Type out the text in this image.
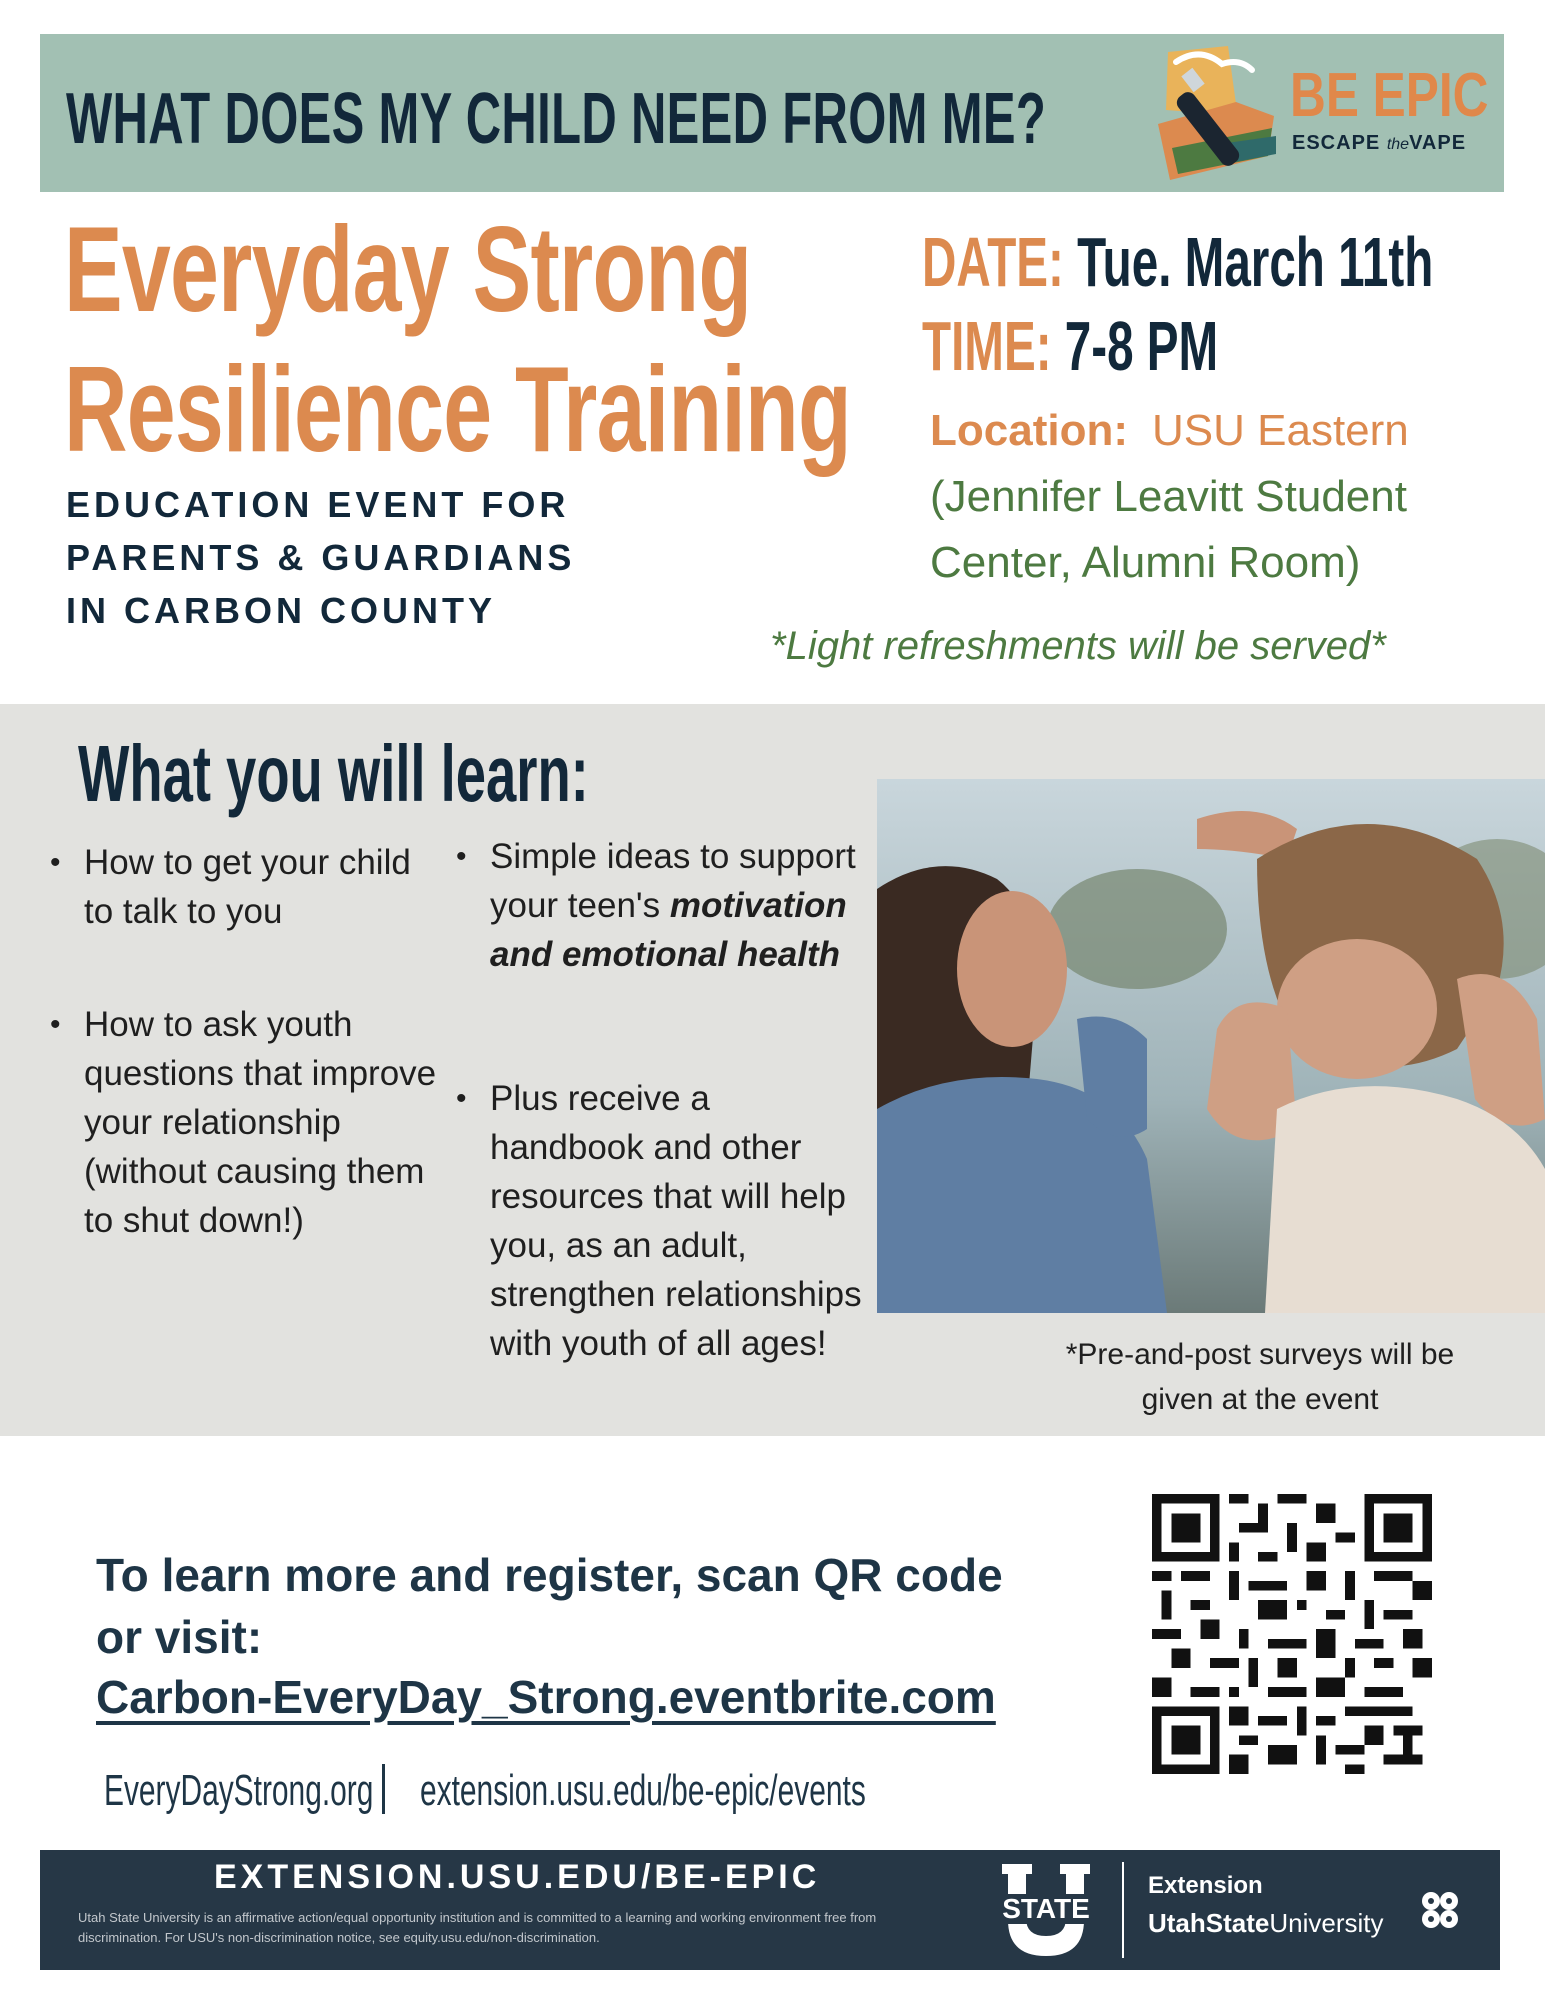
WHAT DOES MY CHILD NEED FROM ME?	BE EPIC
ESCAPE theVAPE
Everyday Strong
Resilience Training
EDUCATION EVENT FOR
PARENTS & GUARDIANS
IN CARBON COUNTY
DATE: Tue. March 11th
TIME: 7-8 PM
Location: USU Eastern
(Jennifer Leavitt Student
Center, Alumni Room)
*Light refreshments will be served*
What you will learn:
• How to get your child to talk to you
• How to ask youth questions that improve your relationship (without causing them to shut down!)
• Simple ideas to support your teen's motivation and emotional health
• Plus receive a handbook and other resources that will help you, as an adult, strengthen relationships with youth of all ages!	*Pre-and-post surveys will be given at the event
To learn more and register, scan QR code
or visit:
Carbon-EveryDay_Strong.eventbrite.com
EveryDayStrong.org extension.usu.edu/be-epic/events
EXTENSION.USU.EDU/BE-EPIC
Utah State University is an affirmative action/equal opportunity institution and is committed to a learning and working environment free from discrimination. For USU's non-discrimination notice, see equity.usu.edu/non-discrimination.
STATE
Extension
UtahStateUniversity
